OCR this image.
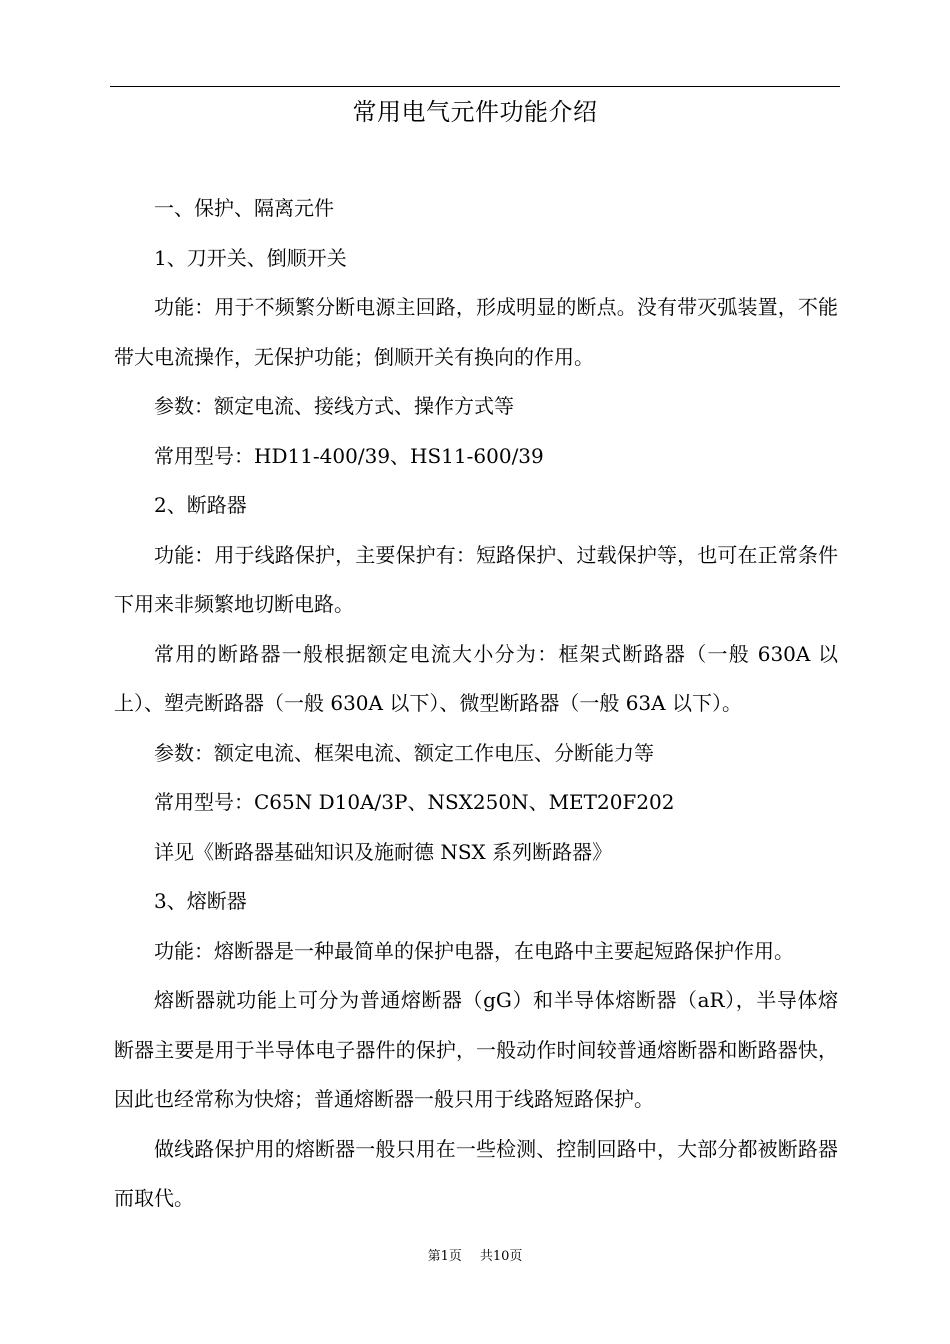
常用电气元件功能介绍

一、保护、隔离元件

1、刀开关、倒顺开关

功能：用于不频繁分断电源主回路，形成明显的断点。没有带灭弧装置，不能带大电流操作，无保护功能；倒顺开关有换向的作用。

参数：额定电流、接线方式、操作方式等

常用型号：HD11-400/39、HS11-600/39

2、断路器

功能：用于线路保护，主要保护有：短路保护、过载保护等，也可在正常条件下用来非频繁地切断电路。

常用的断路器一般根据额定电流大小分为：框架式断路器（一般 630A 以上）、塑壳断路器（一般 630A 以下）、微型断路器（一般 63A 以下）。

参数：额定电流、框架电流、额定工作电压、分断能力等

常用型号：C65N D10A/3P、NSX250N、MET20F202

详见《断路器基础知识及施耐德 NSX 系列断路器》

3、熔断器

功能：熔断器是一种最简单的保护电器，在电路中主要起短路保护作用。

熔断器就功能上可分为普通熔断器（gG）和半导体熔断器（aR），半导体熔断器主要是用于半导体电子器件的保护，一般动作时间较普通熔断器和断路器快，因此也经常称为快熔；普通熔断器一般只用于线路短路保护。

做线路保护用的熔断器一般只用在一些检测、控制回路中，大部分都被断路器而取代。

第1页 共10页
